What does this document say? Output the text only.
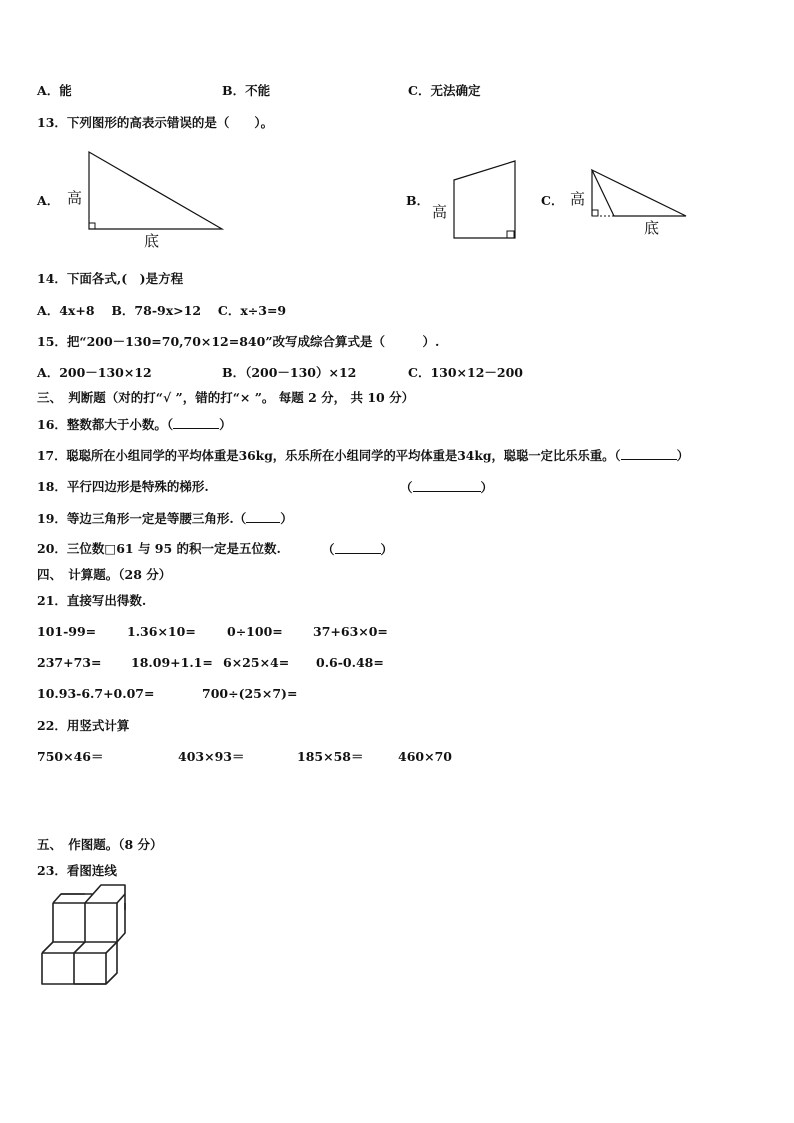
A．能	B．不能	C．无法确定
13．下列图形的高表示错误的是（　　）。
A． 高
底
高
高
底
B．	C．
14．下面各式,(　)是方程
A．4x+8　 B．78-9x>12　 C．x÷3=9
15．把“200－130=70,70×12=840”改写成综合算式是（　　　）.
A．200－130×12	B．（200－130）×12	C．130×12－200
三、　判断题（对的打“√ ”，错的打“× ”。 每题 2 分， 共 10 分）
16．整数都大于小数。（	）
17．聪聪所在小组同学的平均体重是36kg，乐乐所在小组同学的平均体重是34kg，聪聪一定比乐乐重。（	）
18．平行四边形是特殊的梯形.	（	）
19．等边三角形一定是等腰三角形.（	）
20．三位数□61 与 95 的积一定是五位数.	（	）
四、　计算题。（28 分）
21．直接写出得数.
101-99= 1.36×10= 0÷100= 37+63×0=
237+73= 18.09+1.1= 6×25×4= 0.6-0.48=
10.93-6.7+0.07=	700÷(25×7)=
22．用竖式计算
750×46＝	403×93＝	185×58＝	460×70
五、　作图题。（8 分）
23．看图连线
